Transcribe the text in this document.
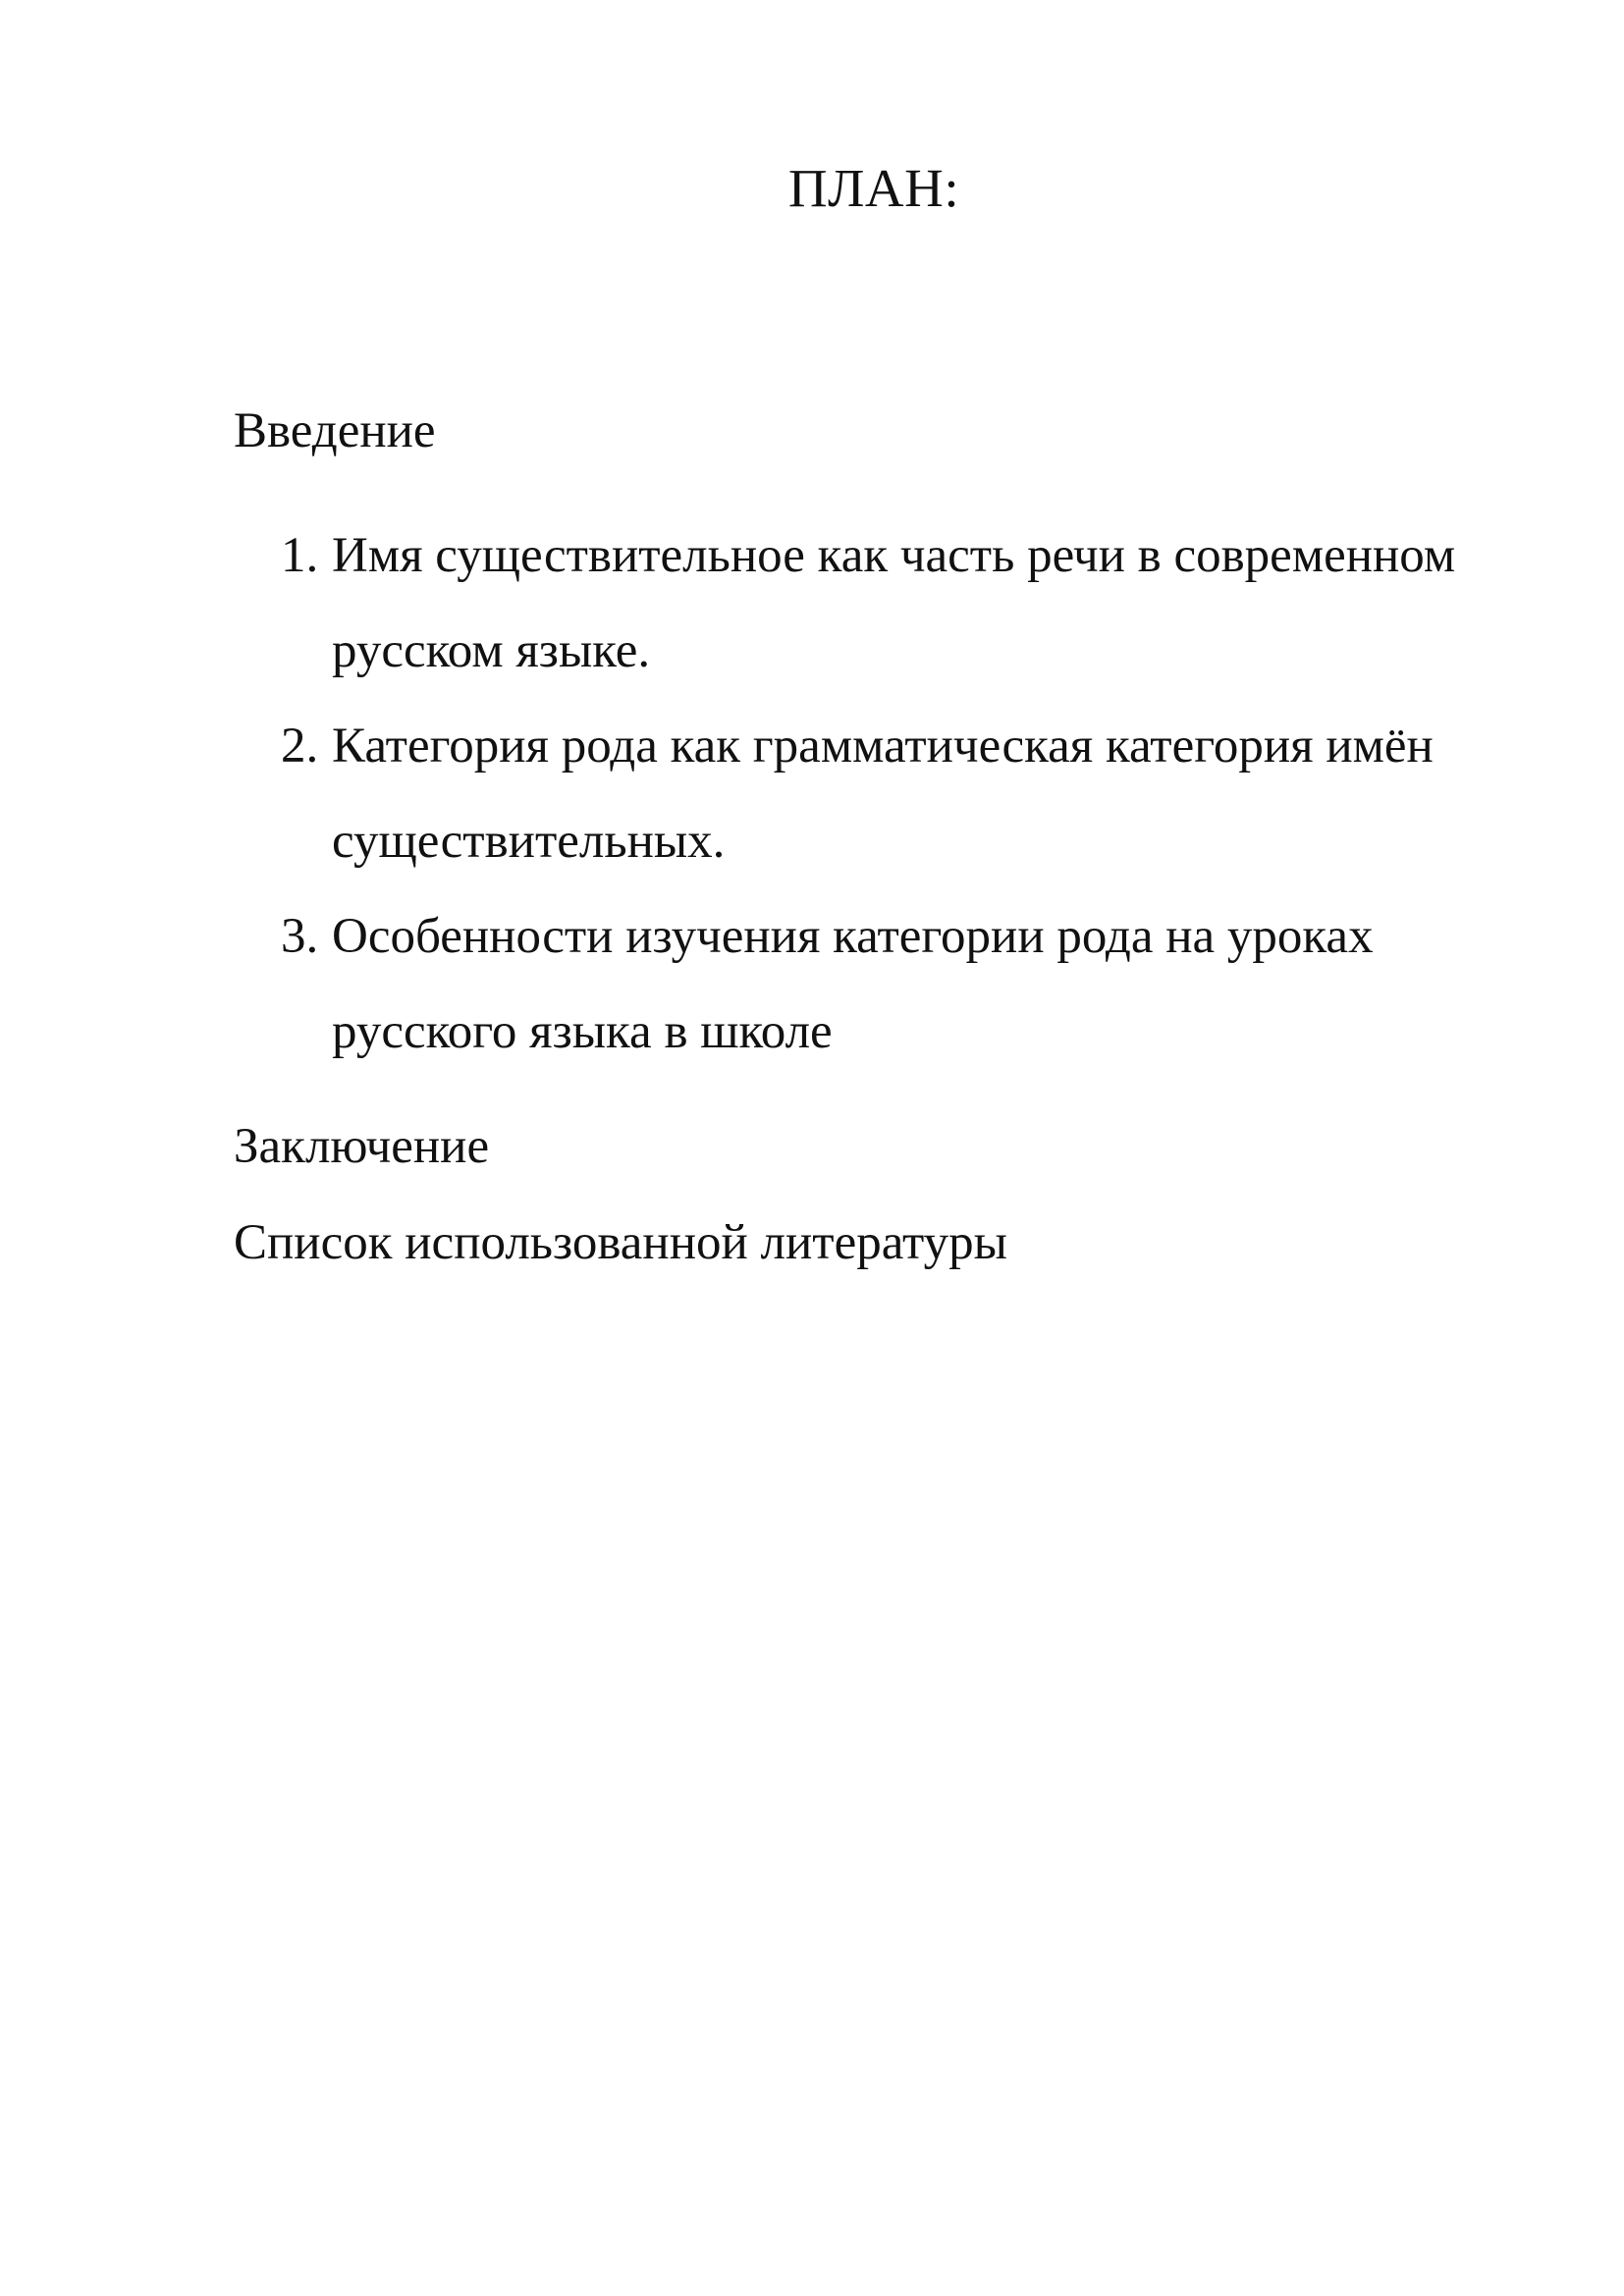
ПЛАН:

Введение

1. Имя существительное как часть речи в современном русском языке.
2. Категория рода как грамматическая категория имён существительных.
3. Особенности изучения категории рода на уроках русского языка в школе

Заключение

Список использованной литературы
